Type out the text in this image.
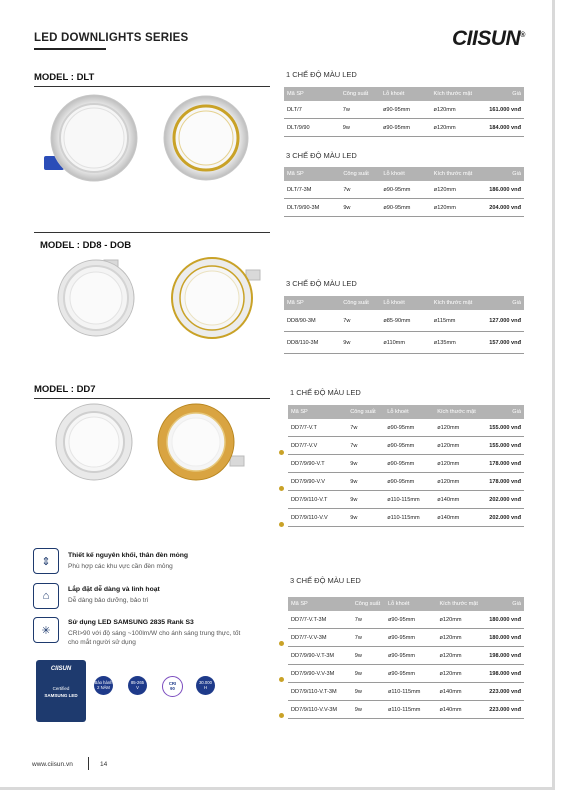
LED DOWNLIGHTS SERIES	CIISUN®
MODEL : DLT	1 CHẾ ĐỘ MÀU LED
Mã SP	Công suất	Lỗ khoét	Kích thước mặt	Giá
DLT/7	7w	ø90-95mm	ø120mm	161.000 vnđ
DLT/9/90	9w	ø90-95mm	ø120mm	184.000 vnđ
3 CHẾ ĐỘ MÀU LED
Mã SP	Công suất	Lỗ khoét	Kích thước mặt	Giá
DLT/7-3M	7w	ø90-95mm	ø120mm	186.000 vnđ
DLT/9/90-3M	9w	ø90-95mm	ø120mm	204.000 vnđ
MODEL : DD8 - DOB
3 CHẾ ĐỘ MÀU LED
Mã SP	Công suất	Lỗ khoét	Kích thước mặt	Giá
DD8/90-3M	7w	ø85-90mm	ø115mm	127.000 vnđ
DD8/110-3M	9w	ø110mm	ø135mm	157.000 vnđ
MODEL : DD7	1 CHẾ ĐỘ MÀU LED
Mã SP	Công suất	Lỗ khoét	Kích thước mặt	Giá
DD7/7-V.T	7w	ø90-95mm	ø120mm	155.000 vnđ
DD7/7-V.V	7w	ø90-95mm	ø120mm	155.000 vnđ
DD7/9/90-V.T	9w	ø90-95mm	ø120mm	178.000 vnđ
DD7/9/90-V.V	9w	ø90-95mm	ø120mm	178.000 vnđ
DD7/9/110-V.T	9w	ø110-115mm	ø140mm	202.000 vnđ
DD7/9/110-V.V	9w	ø110-115mm	ø140mm	202.000 vnđ
3 CHẾ ĐỘ MÀU LED
Mã SP	Công suất	Lỗ khoét	Kích thước mặt	Giá
DD7/7-V.T-3M	7w	ø90-95mm	ø120mm	180.000 vnđ
DD7/7-V.V-3M	7w	ø90-95mm	ø120mm	180.000 vnđ
DD7/9/90-V.T-3M	9w	ø90-95mm	ø120mm	198.000 vnđ
DD7/9/90-V.V-3M	9w	ø90-95mm	ø120mm	198.000 vnđ
DD7/9/110-V.T-3M	9w	ø110-115mm	ø140mm	223.000 vnđ
DD7/9/110-V.V-3M	9w	ø110-115mm	ø140mm	223.000 vnđ
⇕	Thiết kế nguyên khối, thân đèn mỏng
Phù hợp các khu vực cần đèn mỏng
⌂
Lắp đặt dễ dàng và linh hoạt
Dễ dàng bảo dưỡng, bảo trì
✳
Sử dụng LED SAMSUNG 2835 Rank S3
CRI>90 với độ sáng ~100lm/W cho ánh sáng trung thực, tốt cho mắt người sử dụng
CIISUN
Certified
SAMSUNG LED
Bảo hành
2 NĂM
85-265
V
CRI
90
30.000
H
www.ciisun.vn	14
